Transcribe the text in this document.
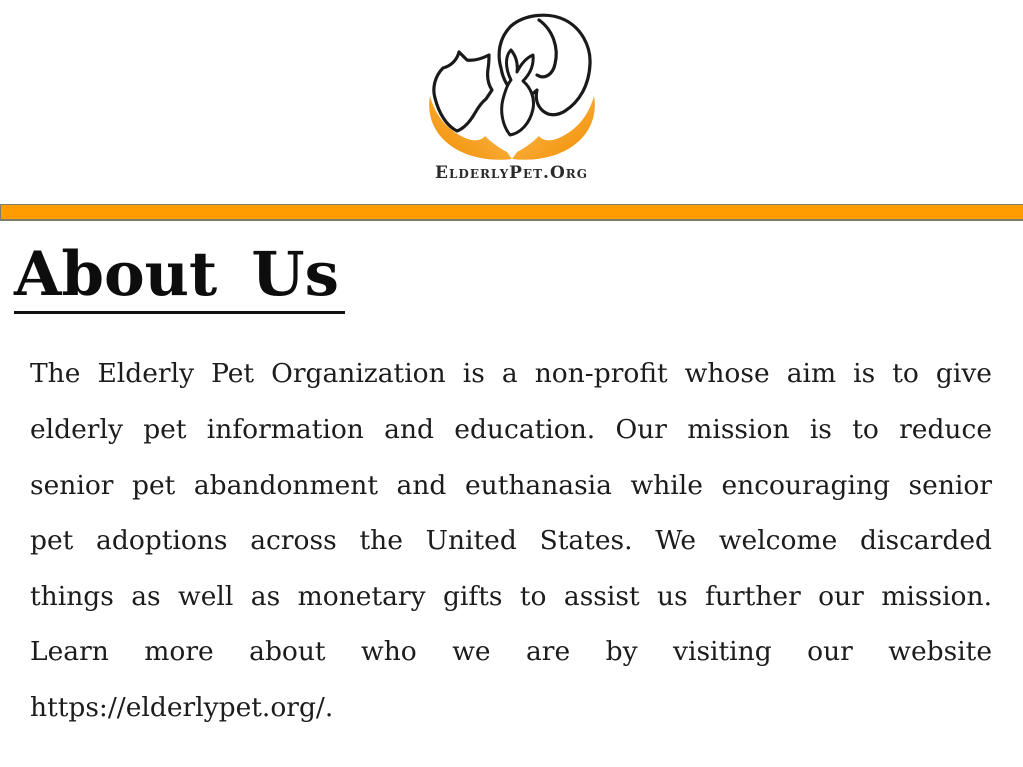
ElderlyPet.Org
About Us
The Elderly Pet Organization is a non-profit whose aim is to give
elderly pet information and education. Our mission is to reduce
senior pet abandonment and euthanasia while encouraging senior
pet adoptions across the United States. We welcome discarded
things as well as monetary gifts to assist us further our mission.
Learn more about who we are by visiting our website
https://elderlypet.org/.
